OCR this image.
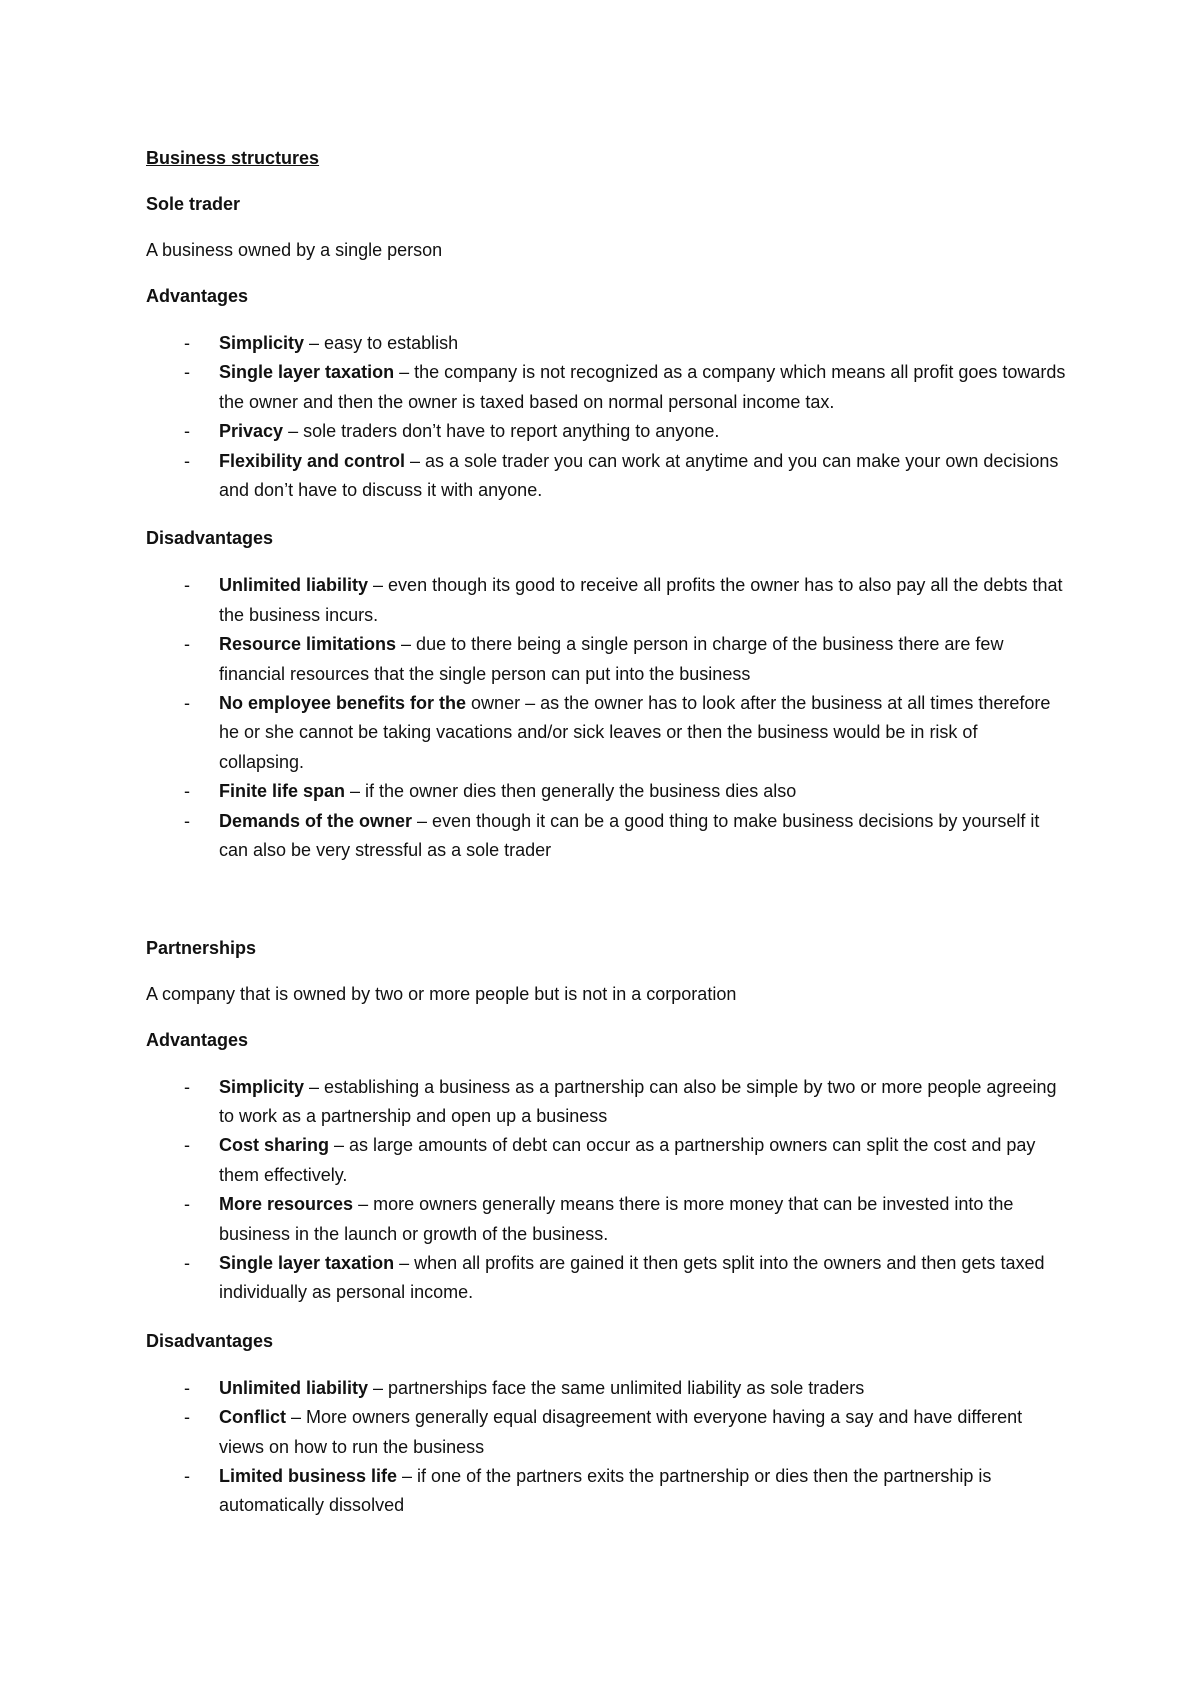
Business structures
Sole trader
A business owned by a single person
Advantages
- Simplicity – easy to establish
- Single layer taxation – the company is not recognized as a company which means all profit goes towards the owner and then the owner is taxed based on normal personal income tax.
- Privacy – sole traders don’t have to report anything to anyone.
- Flexibility and control – as a sole trader you can work at anytime and you can make your own decisions and don’t have to discuss it with anyone.
Disadvantages
- Unlimited liability – even though its good to receive all profits the owner has to also pay all the debts that the business incurs.
- Resource limitations – due to there being a single person in charge of the business there are few financial resources that the single person can put into the business
- No employee benefits for the owner – as the owner has to look after the business at all times therefore he or she cannot be taking vacations and/or sick leaves or then the business would be in risk of collapsing.
- Finite life span – if the owner dies then generally the business dies also
- Demands of the owner – even though it can be a good thing to make business decisions by yourself it can also be very stressful as a sole trader
Partnerships
A company that is owned by two or more people but is not in a corporation
Advantages
- Simplicity – establishing a business as a partnership can also be simple by two or more people agreeing to work as a partnership and open up a business
- Cost sharing – as large amounts of debt can occur as a partnership owners can split the cost and pay them effectively.
- More resources – more owners generally means there is more money that can be invested into the business in the launch or growth of the business.
- Single layer taxation – when all profits are gained it then gets split into the owners and then gets taxed individually as personal income.
Disadvantages
- Unlimited liability – partnerships face the same unlimited liability as sole traders
- Conflict – More owners generally equal disagreement with everyone having a say and have different views on how to run the business
- Limited business life – if one of the partners exits the partnership or dies then the partnership is automatically dissolved
